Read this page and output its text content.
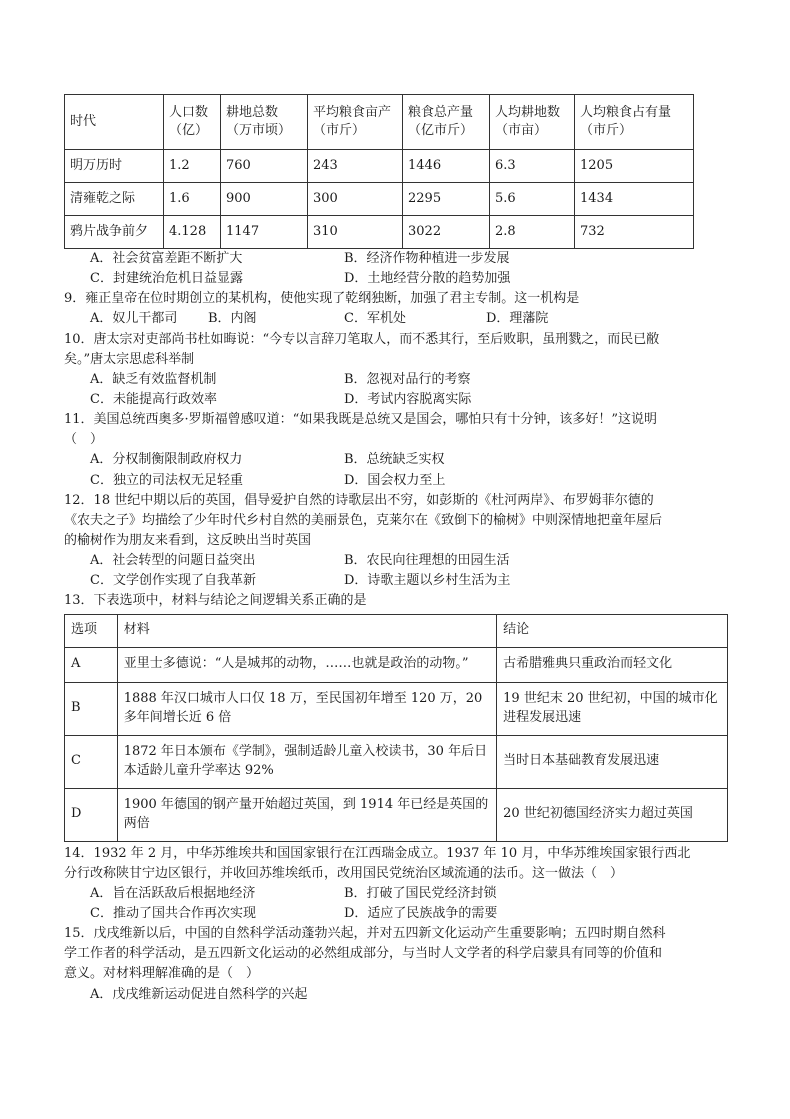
时代	人口数（亿）	耕地总数（万市顷）	平均粮食亩产（市斤）	粮食总产量（亿市斤）	人均耕地数（市亩）	人均粮食占有量（市斤）
明万历时	1.2	760	243	1446	6.3	1205
清雍乾之际	1.6	900	300	2295	5.6	1434
鸦片战争前夕	4.128	1147	310	3022	2.8	732
A．社会贫富差距不断扩大	B．经济作物种植进一步发展
C．封建统治危机日益显露	D．土地经营分散的趋势加强
9．雍正皇帝在位时期创立的某机构，使他实现了乾纲独断，加强了君主专制。这一机构是
A．奴儿干都司 B．内阁	C．军机处	D．理藩院
10．唐太宗对吏部尚书杜如晦说：“今专以言辞刀笔取人，而不悉其行，至后败职，虽刑戮之，而民已敝
矣。”唐太宗思虑科举制
A．缺乏有效监督机制	B．忽视对品行的考察
C．未能提高行政效率	D．考试内容脱离实际
11．美国总统西奥多·罗斯福曾感叹道：“如果我既是总统又是国会，哪怕只有十分钟，该多好！”这说明
（　）
A．分权制衡限制政府权力	B．总统缺乏实权
C．独立的司法权无足轻重	D．国会权力至上
12．18 世纪中期以后的英国，倡导爱护自然的诗歌层出不穷，如彭斯的《杜河两岸》、布罗姆菲尔德的
《农夫之子》均描绘了少年时代乡村自然的美丽景色，克莱尔在《致倒下的榆树》中则深情地把童年屋后
的榆树作为朋友来看到，这反映出当时英国
A．社会转型的问题日益突出	B．农民向往理想的田园生活
C．文学创作实现了自我革新	D．诗歌主题以乡村生活为主
13．下表选项中，材料与结论之间逻辑关系正确的是
选项	材料	结论
A	亚里士多德说：“人是城邦的动物，……也就是政治的动物。”	古希腊雅典只重政治而轻文化
B	1888 年汉口城市人口仅 18 万，至民国初年增至 120 万，20 多年间增长近 6 倍	19 世纪末 20 世纪初，中国的城市化进程发展迅速
C	1872 年日本颁布《学制》，强制适龄儿童入校读书，30 年后日本适龄儿童升学率达 92%	当时日本基础教育发展迅速
D	1900 年德国的钢产量开始超过英国，到 1914 年已经是英国的两倍	20 世纪初德国经济实力超过英国
14．1932 年 2 月，中华苏维埃共和国国家银行在江西瑞金成立。1937 年 10 月，中华苏维埃国家银行西北
分行改称陕甘宁边区银行，并收回苏维埃纸币，改用国民党统治区域流通的法币。这一做法（　）
A．旨在活跃敌后根据地经济	B．打破了国民党经济封锁
C．推动了国共合作再次实现	D．适应了民族战争的需要
15．戊戌维新以后，中国的自然科学活动蓬勃兴起，并对五四新文化运动产生重要影响；五四时期自然科
学工作者的科学活动，是五四新文化运动的必然组成部分，与当时人文学者的科学启蒙具有同等的价值和
意义。对材料理解准确的是（　）
A．戊戌维新运动促进自然科学的兴起
